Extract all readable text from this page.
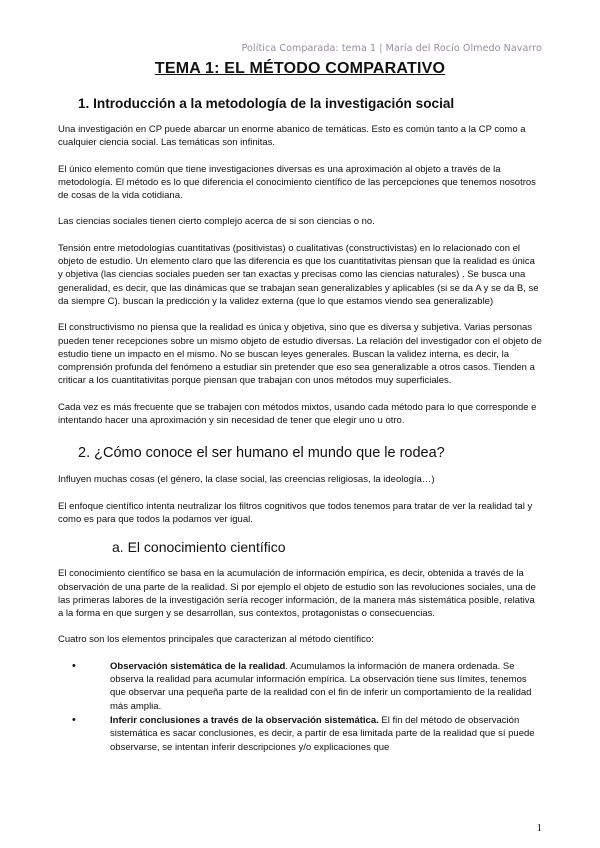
Política Comparada: tema 1 | María del Rocío Olmedo Navarro
TEMA 1: EL MÉTODO COMPARATIVO
1. Introducción a la metodología de la investigación social

Una investigación en CP puede abarcar un enorme abanico de temáticas. Esto es común tanto a la CP como a cualquier ciencia social. Las temáticas son infinitas.

El único elemento común que tiene investigaciones diversas es una aproximación al objeto a través de la metodología. El método es lo que diferencia el conocimiento científico de las percepciones que tenemos nosotros de cosas de la vida cotidiana.

Las ciencias sociales tienen cierto complejo acerca de si son ciencias o no.

Tensión entre metodologías cuantitativas (positivistas) o cualitativas (constructivistas) en lo relacionado con el objeto de estudio. Un elemento claro que las diferencia es que los cuantitativitas piensan que la realidad es única y objetiva (las ciencias sociales pueden ser tan exactas y precisas como las ciencias naturales) . Se busca una generalidad, es decir, que las dinámicas que se trabajan sean generalizables y aplicables (si se da A y se da B, se da siempre C). buscan la predicción y la validez externa (que lo que estamos viendo sea generalizable)

El constructivismo no piensa que la realidad es única y objetiva, sino que es diversa y subjetiva. Varias personas pueden tener recepciones sobre un mismo objeto de estudio diversas. La relación del investigador con el objeto de estudio tiene un impacto en el mismo. No se buscan leyes generales. Buscan la validez interna, es decir, la comprensión profunda del fenómeno a estudiar sin pretender que eso sea generalizable a otros casos. Tienden a criticar a los cuantitativitas porque piensan que trabajan con unos métodos muy superficiales.

Cada vez es más frecuente que se trabajen con métodos mixtos, usando cada método para lo que corresponde e intentando hacer una aproximación y sin necesidad de tener que elegir uno u otro.

2. ¿Cómo conoce el ser humano el mundo que le rodea?

Influyen muchas cosas (el género, la clase social, las creencias religiosas, la ideología…)

El enfoque científico intenta neutralizar los filtros cognitivos que todos tenemos para tratar de ver la realidad tal y como es para que todos la podamos ver igual.

a. El conocimiento científico

El conocimiento científico se basa en la acumulación de información empírica, es decir, obtenida a través de la observación de una parte de la realidad. Si por ejemplo el objeto de estudio son las revoluciones sociales, una de las primeras labores de la investigación sería recoger información, de la manera más sistemática posible, relativa a la forma en que surgen y se desarrollan, sus contextos, protagonistas o consecuencias.

Cuatro son los elementos principales que caracterizan al método científico:

•	Observación sistemática de la realidad. Acumulamos la información de manera ordenada. Se observa la realidad para acumular información empírica. La observación tiene sus límites, tenemos que observar una pequeña parte de la realidad con el fin de inferir un comportamiento de la realidad más amplia.
•	Inferir conclusiones a través de la observación sistemática. El fin del método de observación sistemática es sacar conclusiones, es decir, a partir de esa limitada parte de la realidad que sí puede observarse, se intentan inferir descripciones y/o explicaciones que
1
